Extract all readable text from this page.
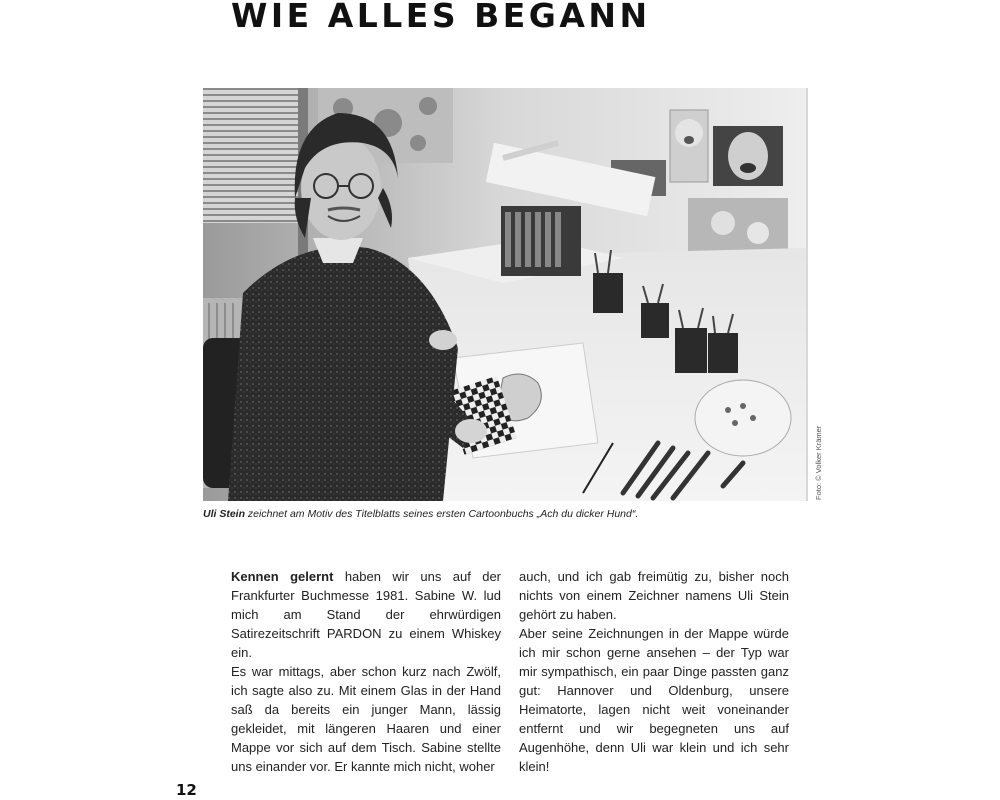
WIE ALLES BEGANN
Foto: © Volker Krämer
Uli Stein zeichnet am Motiv des Titelblatts seines ersten Cartoonbuchs „Ach du dicker Hund“.

Kennen gelernt haben wir uns auf der Frankfurter Buchmesse 1981. Sabine W. lud mich am Stand der ehrwürdigen Satirezeitschrift PARDON zu einem Whiskey ein.

Es war mittags, aber schon kurz nach Zwölf, ich sagte also zu. Mit einem Glas in der Hand saß da bereits ein junger Mann, lässig gekleidet, mit längeren Haaren und einer Mappe vor sich auf dem Tisch. Sabine stellte uns einander vor. Er kannte mich nicht, woher

auch, und ich gab freimütig zu, bisher noch nichts von einem Zeichner namens Uli Stein gehört zu haben.

Aber seine Zeichnungen in der Mappe würde ich mir schon gerne ansehen – der Typ war mir sympathisch, ein paar Dinge passten ganz gut: Hannover und Oldenburg, unsere Heimatorte, lagen nicht weit voneinander entfernt und wir begegneten uns auf Augenhöhe, denn Uli war klein und ich sehr klein!

12
